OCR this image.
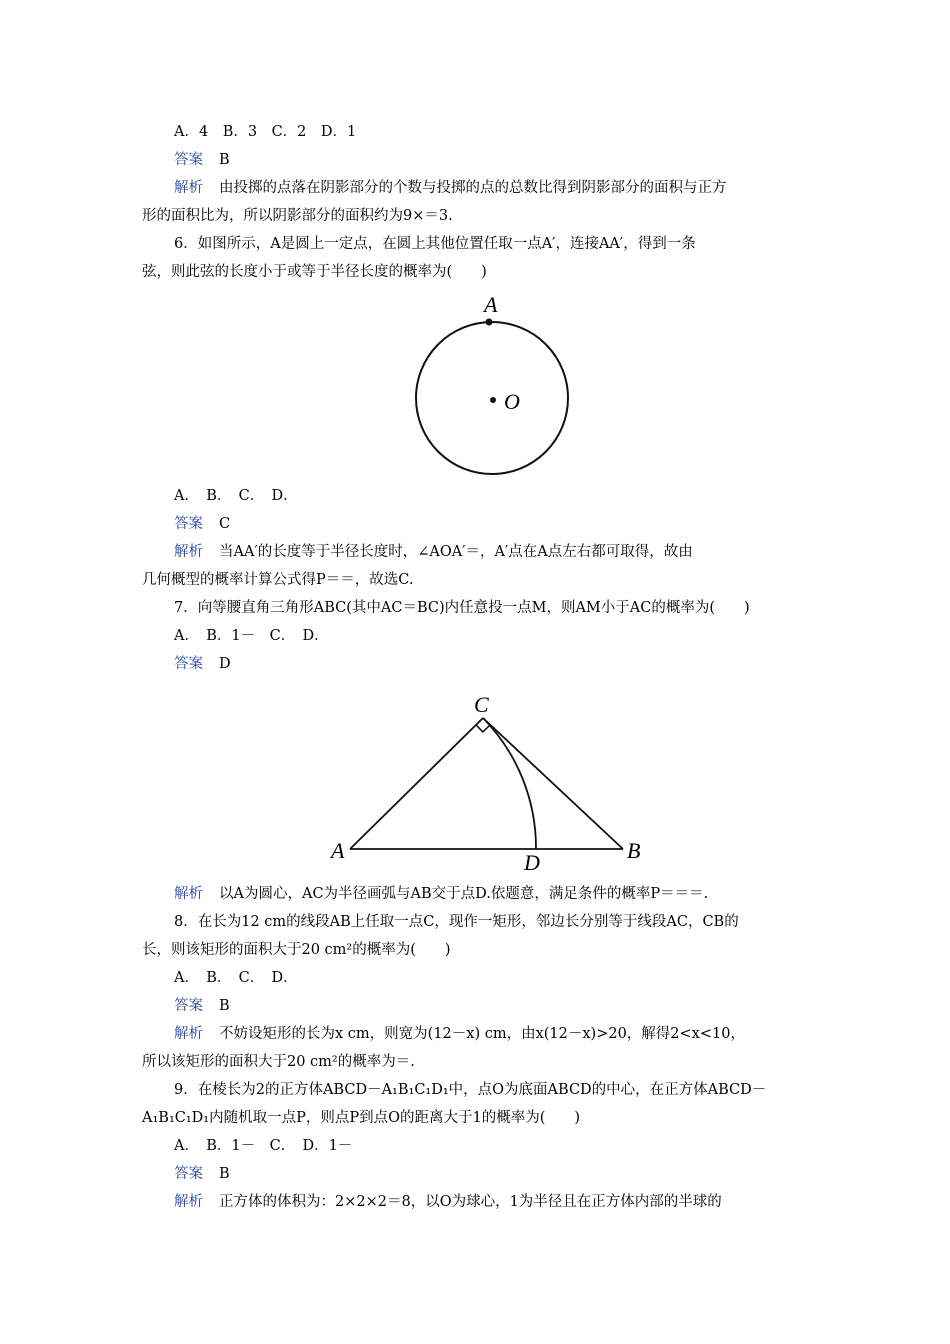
A．4　B．3　C．2　D．1
答案 B
解析 由投掷的点落在阴影部分的个数与投掷的点的总数比得到阴影部分的面积与正方
形的面积比为，所以阴影部分的面积约为9×＝3.
6．如图所示，A是圆上一定点，在圆上其他位置任取一点A′，连接AA′，得到一条
弦，则此弦的长度小于或等于半径长度的概率为(　　)
A
O
A．　B．　C．　D．
答案 C
解析 当AA′的长度等于半径长度时，∠AOA′＝，A′点在A点左右都可取得，故由
几何概型的概率计算公式得P＝＝，故选C.
7．向等腰直角三角形ABC(其中AC＝BC)内任意投一点M，则AM小于AC的概率为(　　)
A．　B．1－　C．　D．
答案 D
C
A	D	B
解析 以A为圆心，AC为半径画弧与AB交于点D.依题意，满足条件的概率P＝＝＝.
8．在长为12 cm的线段AB上任取一点C，现作一矩形，邻边长分别等于线段AC，CB的
长，则该矩形的面积大于20 cm²的概率为(　　)
A．　B．　C．　D．
答案 B
解析 不妨设矩形的长为x cm，则宽为(12－x) cm，由x(12－x)>20，解得2<x<10，
所以该矩形的面积大于20 cm²的概率为＝.
9．在棱长为2的正方体ABCD－A₁B₁C₁D₁中，点O为底面ABCD的中心，在正方体ABCD－
A₁B₁C₁D₁内随机取一点P，则点P到点O的距离大于1的概率为(　　)
A．　B．1－　C．　D．1－
答案 B
解析 正方体的体积为：2×2×2＝8，以O为球心，1为半径且在正方体内部的半球的
